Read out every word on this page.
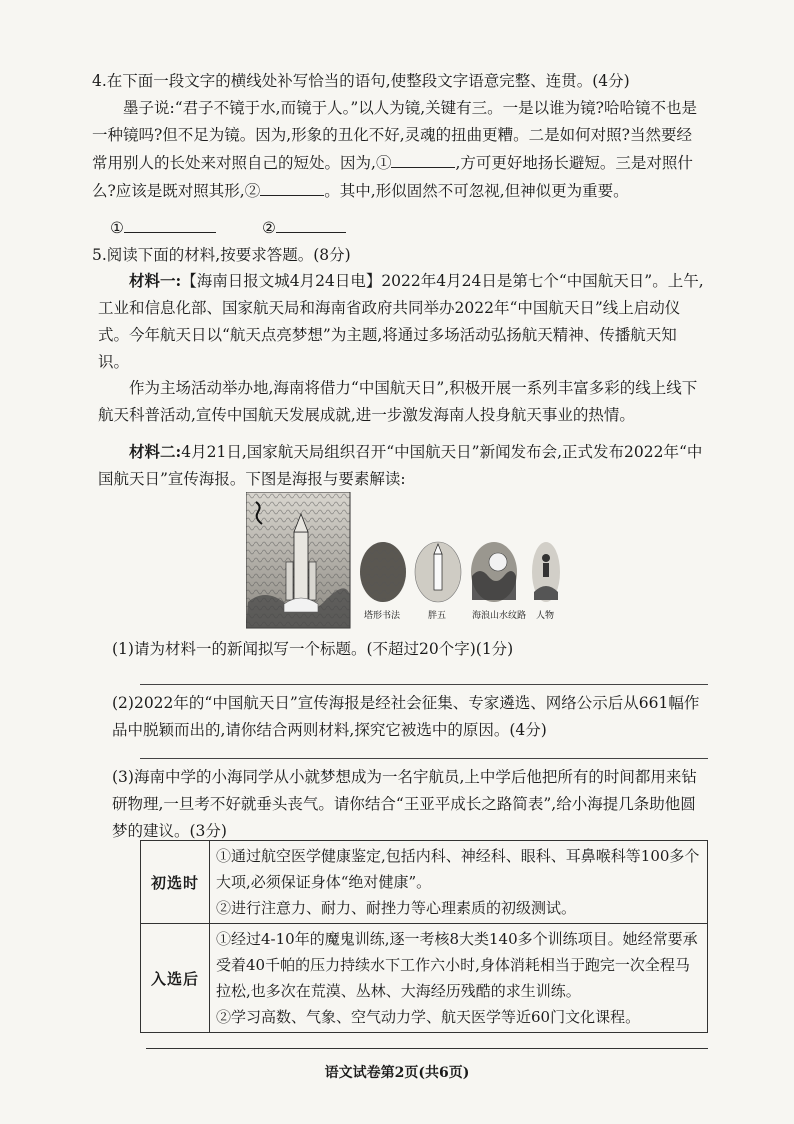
4.在下面一段文字的横线处补写恰当的语句,使整段文字语意完整、连贯。(4分)
墨子说:“君子不镜于水,而镜于人。”以人为镜,关键有三。一是以谁为镜?哈哈镜不也是一种镜吗?但不足为镜。因为,形象的丑化不好,灵魂的扭曲更糟。二是如何对照?当然要经常用别人的长处来对照自己的短处。因为,①	,方可更好地扬长避短。三是对照什么?应该是既对照其形,②	。其中,形似固然不可忽视,但神似更为重要。
①	②
5.阅读下面的材料,按要求答题。(8分)
材料一:【海南日报文城4月24日电】2022年4月24日是第七个“中国航天日”。上午,工业和信息化部、国家航天局和海南省政府共同举办2022年“中国航天日”线上启动仪式。今年航天日以“航天点亮梦想”为主题,将通过多场活动弘扬航天精神、传播航天知识。
作为主场活动举办地,海南将借力“中国航天日”,积极开展一系列丰富多彩的线上线下航天科普活动,宣传中国航天发展成就,进一步激发海南人投身航天事业的热情。
材料二:4月21日,国家航天局组织召开“中国航天日”新闻发布会,正式发布2022年“中国航天日”宣传海报。下图是海报与要素解读:
塔形书法	胖五	海浪山水纹路 人物
(1)请为材料一的新闻拟写一个标题。(不超过20个字)(1分)
(2)2022年的“中国航天日”宣传海报是经社会征集、专家遴选、网络公示后从661幅作品中脱颖而出的,请你结合两则材料,探究它被选中的原因。(4分)
(3)海南中学的小海同学从小就梦想成为一名宇航员,上中学后他把所有的时间都用来钻研物理,一旦考不好就垂头丧气。请你结合“王亚平成长之路简表”,给小海提几条助他圆梦的建议。(3分)
初选时	①通过航空医学健康鉴定,包括内科、神经科、眼科、耳鼻喉科等100多个大项,必须保证身体“绝对健康”。
②进行注意力、耐力、耐挫力等心理素质的初级测试。

入选后	①经过4-10年的魔鬼训练,逐一考核8大类140多个训练项目。她经常要承受着40千帕的压力持续水下工作六小时,身体消耗相当于跑完一次全程马拉松,也多次在荒漠、丛林、大海经历残酷的求生训练。
②学习高数、气象、空气动力学、航天医学等近60门文化课程。
语文试卷第2页(共6页)
